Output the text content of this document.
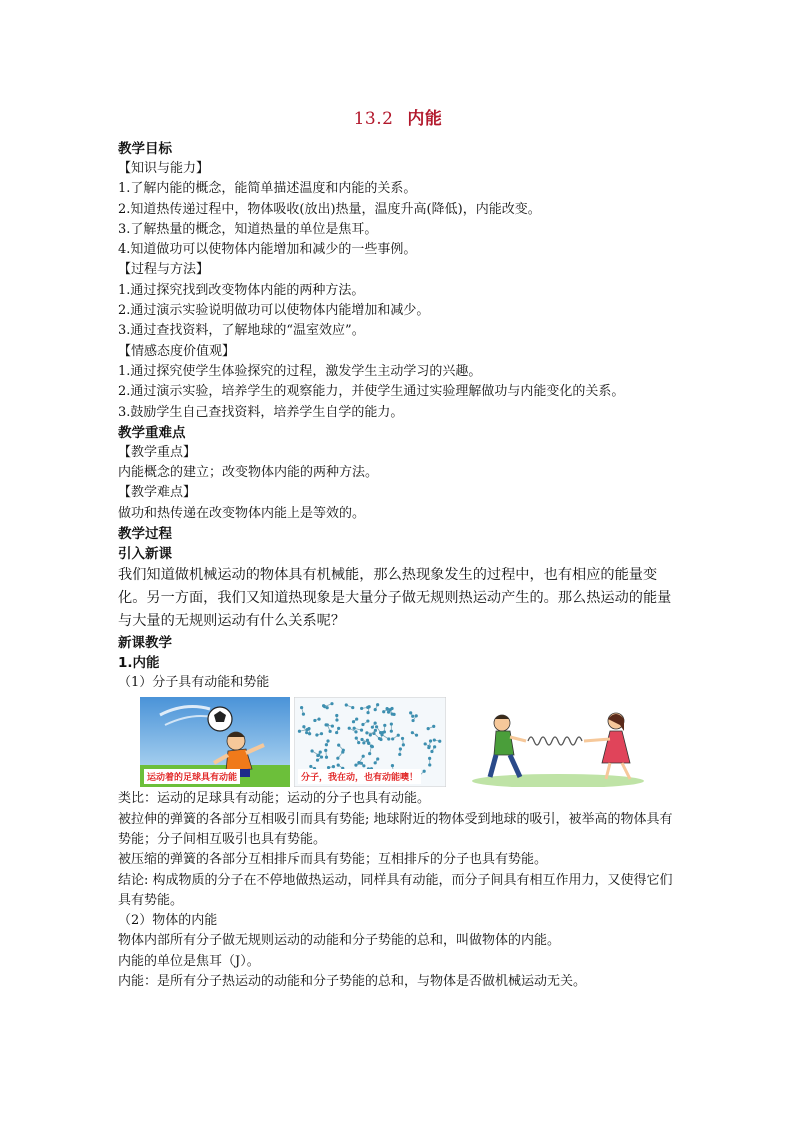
13.2 内能
教学目标
【知识与能力】
1.了解内能的概念，能简单描述温度和内能的关系。
2.知道热传递过程中，物体吸收(放出)热量，温度升高(降低)，内能改变。
3.了解热量的概念，知道热量的单位是焦耳。
4.知道做功可以使物体内能增加和减少的一些事例。
【过程与方法】
1.通过探究找到改变物体内能的两种方法。
2.通过演示实验说明做功可以使物体内能增加和减少。
3.通过查找资料，了解地球的“温室效应”。
【情感态度价值观】
1.通过探究使学生体验探究的过程，激发学生主动学习的兴趣。
2.通过演示实验，培养学生的观察能力，并使学生通过实验理解做功与内能变化的关系。
3.鼓励学生自己查找资料，培养学生自学的能力。
教学重难点
【教学重点】
内能概念的建立；改变物体内能的两种方法。
【教学难点】
做功和热传递在改变物体内能上是等效的。
教学过程
引入新课
我们知道做机械运动的物体具有机械能，那么热现象发生的过程中，也有相应的能量变化。另一方面，我们又知道热现象是大量分子做无规则热运动产生的。那么热运动的能量与大量的无规则运动有什么关系呢？
新课教学
1.内能
（1）分子具有动能和势能
运动着的足球具有动能	分子，我在动，也有动能噢！
类比：运动的足球具有动能；运动的分子也具有动能。
被拉伸的弹簧的各部分互相吸引而具有势能; 地球附近的物体受到地球的吸引，被举高的物体具有势能；分子间相互吸引也具有势能。
被压缩的弹簧的各部分互相排斥而具有势能；互相排斥的分子也具有势能。
结论: 构成物质的分子在不停地做热运动，同样具有动能，而分子间具有相互作用力，又使得它们具有势能。
（2）物体的内能
物体内部所有分子做无规则运动的动能和分子势能的总和，叫做物体的内能。
内能的单位是焦耳（J）。
内能：是所有分子热运动的动能和分子势能的总和，与物体是否做机械运动无关。
